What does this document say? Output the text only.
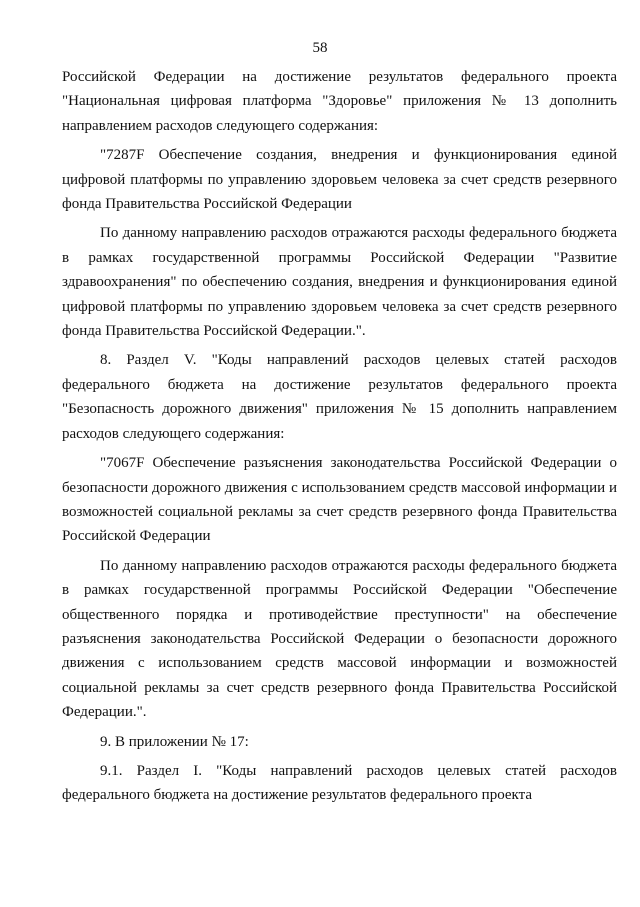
58

Российской Федерации на достижение результатов федерального проекта "Национальная цифровая платформа "Здоровье" приложения № 13 дополнить направлением расходов следующего содержания:

"7287F Обеспечение создания, внедрения и функционирования единой цифровой платформы по управлению здоровьем человека за счет средств резервного фонда Правительства Российской Федерации

По данному направлению расходов отражаются расходы федерального бюджета в рамках государственной программы Российской Федерации "Развитие здравоохранения" по обеспечению создания, внедрения и функционирования единой цифровой платформы по управлению здоровьем человека за счет средств резервного фонда Правительства Российской Федерации.".

8. Раздел V. "Коды направлений расходов целевых статей расходов федерального бюджета на достижение результатов федерального проекта "Безопасность дорожного движения" приложения № 15 дополнить направлением расходов следующего содержания:

"7067F Обеспечение разъяснения законодательства Российской Федерации о безопасности дорожного движения с использованием средств массовой информации и возможностей социальной рекламы за счет средств резервного фонда Правительства Российской Федерации

По данному направлению расходов отражаются расходы федерального бюджета в рамках государственной программы Российской Федерации "Обеспечение общественного порядка и противодействие преступности" на обеспечение разъяснения законодательства Российской Федерации о безопасности дорожного движения с использованием средств массовой информации и возможностей социальной рекламы за счет средств резервного фонда Правительства Российской Федерации.".

9. В приложении № 17:

9.1. Раздел I. "Коды направлений расходов целевых статей расходов федерального бюджета на достижение результатов федерального проекта
